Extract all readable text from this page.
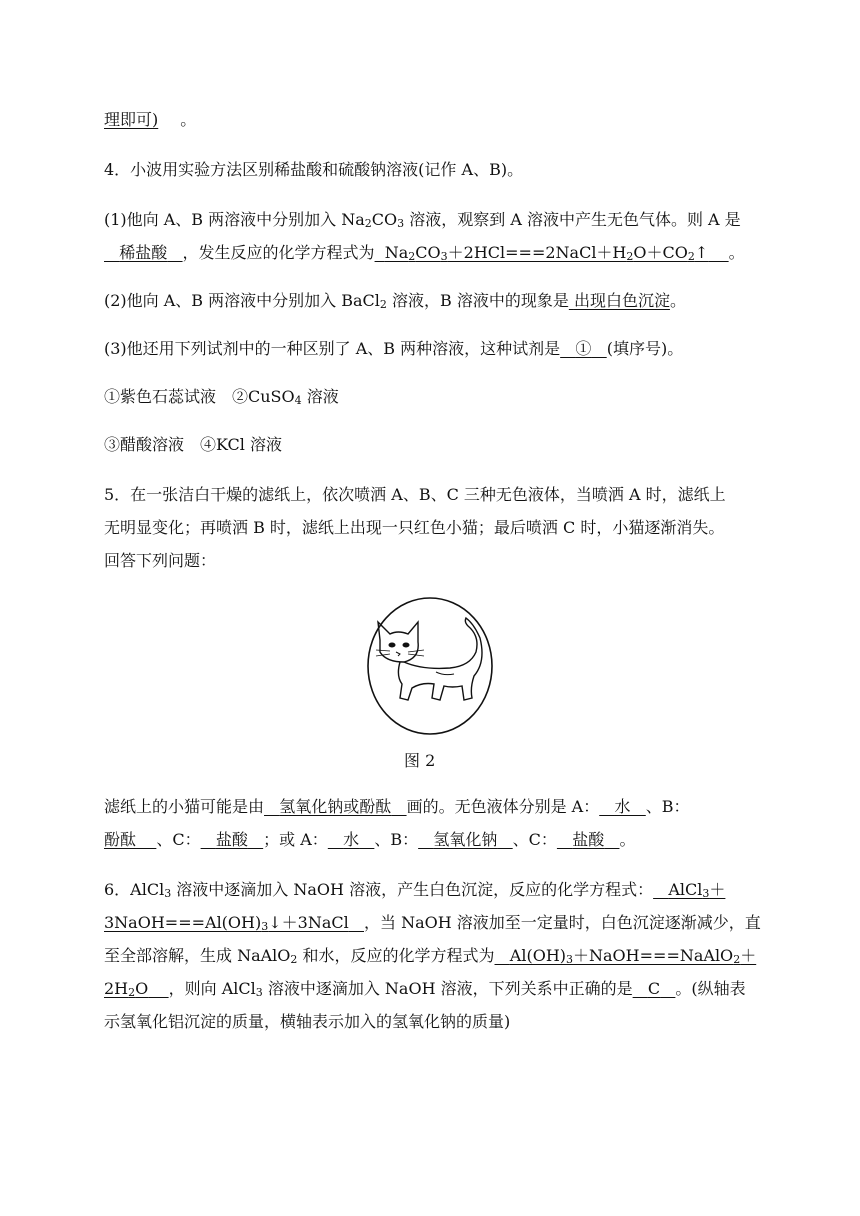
理即可) 。
4．小波用实验方法区别稀盐酸和硫酸钠溶液(记作 A、B)。
(1)他向 A、B 两溶液中分别加入 $Na_2CO_3$ 溶液，观察到 A 溶液中产生无色气体。则 A 是
稀盐酸 ，发生反应的化学方程式为 $Na_2CO_3+2HCl===2NaCl+H_2O+CO_2↑$ 。
(2)他向 A、B 两溶液中分别加入 BaCl$_2$ 溶液，B 溶液中的现象是 出现白色沉淀。
(3)他还用下列试剂中的一种区别了 A、B 两种溶液，这种试剂是 ① (填序号)。
①紫色石蕊试液　②CuSO$_4$ 溶液
③醋酸溶液　④KCl 溶液
5．在一张洁白干燥的滤纸上，依次喷洒 A、B、C 三种无色液体，当喷洒 A 时，滤纸上
无明显变化；再喷洒 B 时，滤纸上出现一只红色小猫；最后喷洒 C 时，小猫逐渐消失。
回答下列问题：
图 2
滤纸上的小猫可能是由 氢氧化钠或酚酞 画的。无色液体分别是 A： 水 、B：
酚酞 、C： 盐酸 ；或 A： 水 、B： 氢氧化钠 、C： 盐酸 。
6．AlCl$_3$ 溶液中逐滴加入 NaOH 溶液，产生白色沉淀，反应的化学方程式： AlCl$_3$＋
$3NaOH===Al(OH)_3↓+3NaCl$ ，当 NaOH 溶液加至一定量时，白色沉淀逐渐减少，直
至全部溶解，生成 NaAlO$_2$ 和水，反应的化学方程式为 $Al(OH)_3+NaOH===NaAlO_2+$
$2H_2O$ ，则向 AlCl$_3$ 溶液中逐滴加入 NaOH 溶液，下列关系中正确的是 C 。(纵轴表
示氢氧化铝沉淀的质量，横轴表示加入的氢氧化钠的质量)
